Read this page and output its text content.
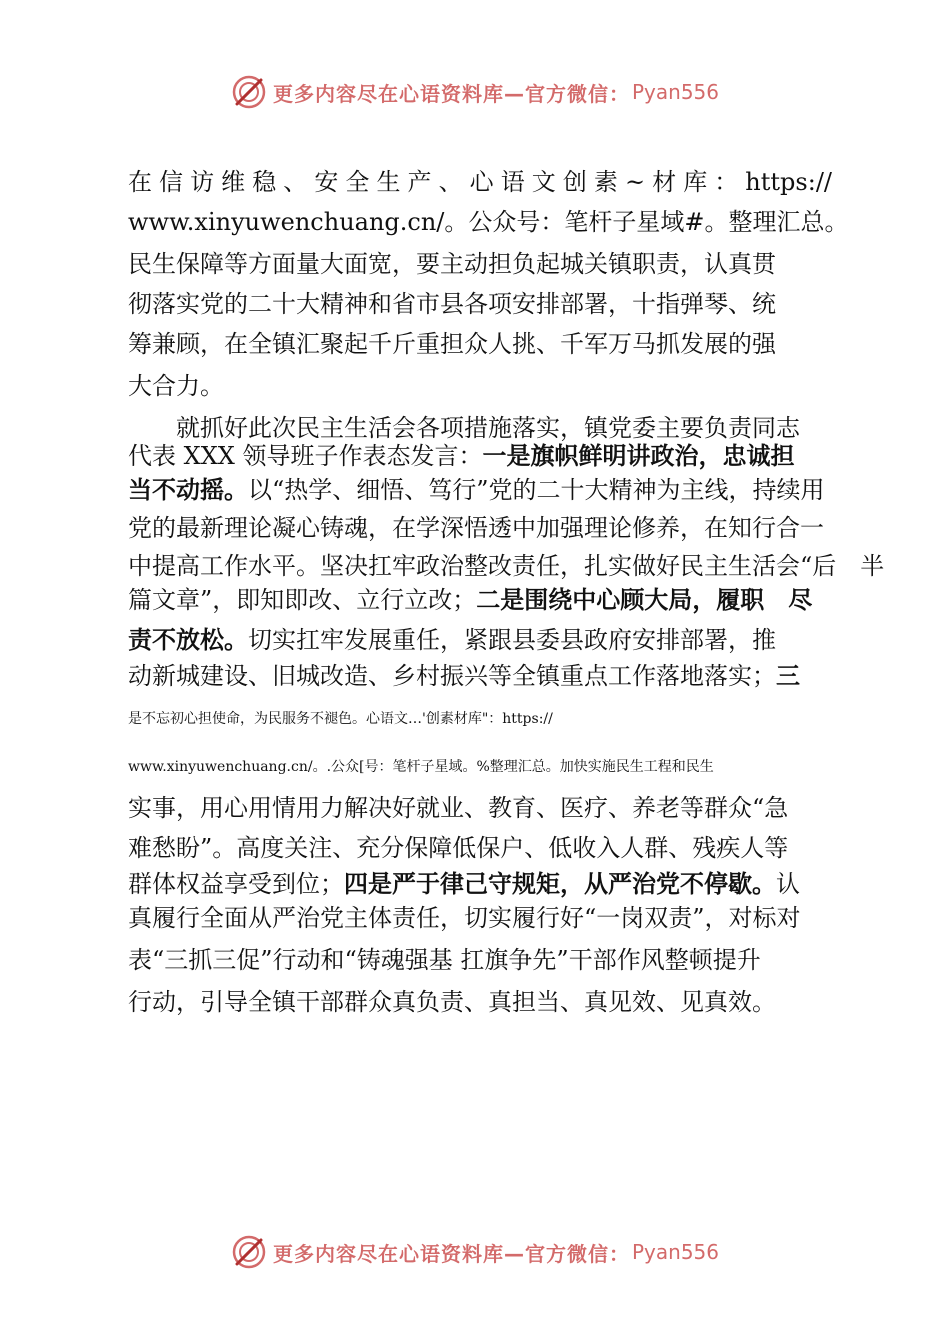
更多内容尽在心语资料库—官方微信： Pyan556
在信访维稳、安全生产、心语文创素~材库：https://
www.xinyuwenchuang.cn/。公众号：笔杆子星域#。整理汇总。
民生保障等方面量大面宽，要主动担负起城关镇职责，认真贯
彻落实党的二十大精神和省市县各项安排部署，十指弹琴、统
筹兼顾，在全镇汇聚起千斤重担众人挑、千军万马抓发展的强
大合力。
　　就抓好此次民主生活会各项措施落实，镇党委主要负责同志
代表 XXX 领导班子作表态发言：一是旗帜鲜明讲政治，忠诚担
当不动摇。以“热学、细悟、笃行”党的二十大精神为主线，持续用
党的最新理论凝心铸魂，在学深悟透中加强理论修养，在知行合一
中提高工作水平。坚决扛牢政治整改责任，扎实做好民主生活会“后　半
篇文章”，即知即改、立行立改；二是围绕中心顾大局，履职　尽
责不放松。切实扛牢发展重任，紧跟县委县政府安排部署，推
动新城建设、旧城改造、乡村振兴等全镇重点工作落地落实；三
是不忘初心担使命，为民服务不褪色。心语文…'创素材库"：https://
www.xinyuwenchuang.cn/。.公众[号：笔杆子星域。%整理汇总。加快实施民生工程和民生
实事，用心用情用力解决好就业、教育、医疗、养老等群众“急
难愁盼”。高度关注、充分保障低保户、低收入人群、残疾人等
群体权益享受到位；四是严于律己守规矩，从严治党不停歇。认
真履行全面从严治党主体责任，切实履行好“一岗双责”，对标对
表“三抓三促”行动和“铸魂强基 扛旗争先”干部作风整顿提升
行动，引导全镇干部群众真负责、真担当、真见效、见真效。
更多内容尽在心语资料库—官方微信： Pyan556
